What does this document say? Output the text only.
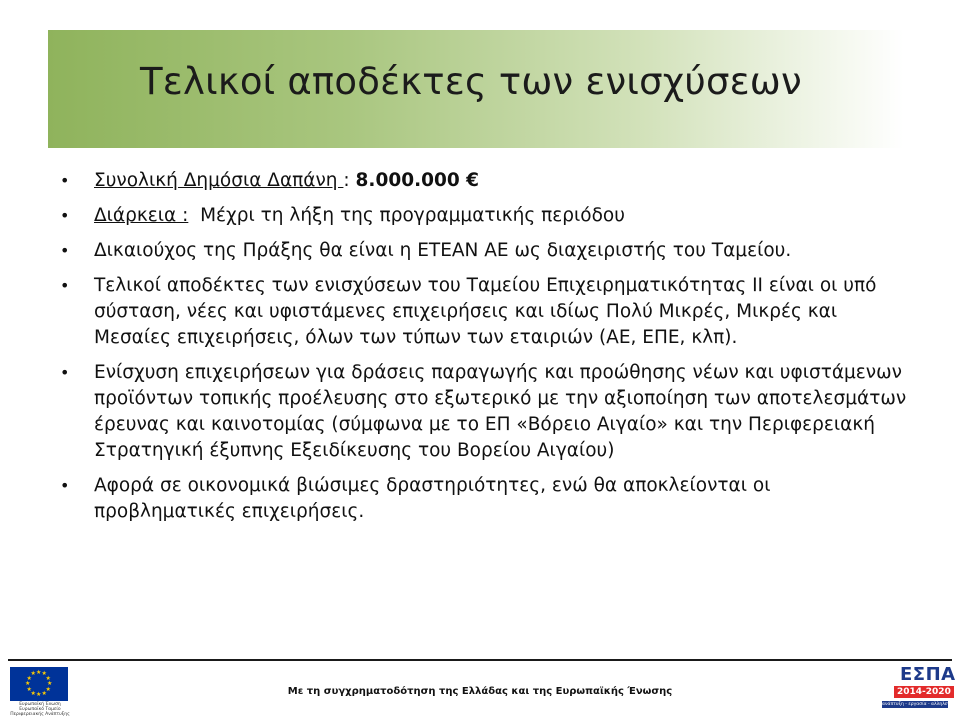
Τελικοί αποδέκτες των ενισχύσεων
• Συνολική Δημόσια Δαπάνη : 8.000.000 €
• Διάρκεια :  Μέχρι τη λήξη της προγραμματικής περιόδου
• Δικαιούχος της Πράξης θα είναι η ΕΤΕΑΝ ΑΕ ως διαχειριστής του Ταμείου.
• Τελικοί αποδέκτες των ενισχύσεων του Ταμείου Επιχειρηματικότητας ΙΙ είναι οι υπό σύσταση, νέες και υφιστάμενες επιχειρήσεις και ιδίως Πολύ Μικρές, Μικρές και Μεσαίες επιχειρήσεις, όλων των τύπων των εταιριών (ΑΕ, ΕΠΕ, κλπ).
• Ενίσχυση επιχειρήσεων για δράσεις παραγωγής και προώθησης νέων και υφιστάμενων προϊόντων τοπικής προέλευσης στο εξωτερικό με την αξιοποίηση των αποτελεσμάτων έρευνας και καινοτομίας (σύμφωνα με το ΕΠ «Βόρειο Αιγαίο» και την Περιφερειακή Στρατηγική έξυπνης Εξειδίκευσης του Βορείου Αιγαίου)
• Αφορά σε οικονομικά βιώσιμες δραστηριότητες, ενώ θα αποκλείονται οι προβληματικές επιχειρήσεις.
★ ★
★
★
★
★
★
★
★
★
★
★
Ευρωπαϊκή Ένωση Ευρωπαϊκό Ταμείο Περιφερειακής Ανάπτυξης
Με τη συγχρηματοδότηση της Ελλάδας και της Ευρωπαϊκής Ένωσης
ΕΣΠΑ
2014-2020
ανάπτυξη - εργασία - αλληλεγγύη
